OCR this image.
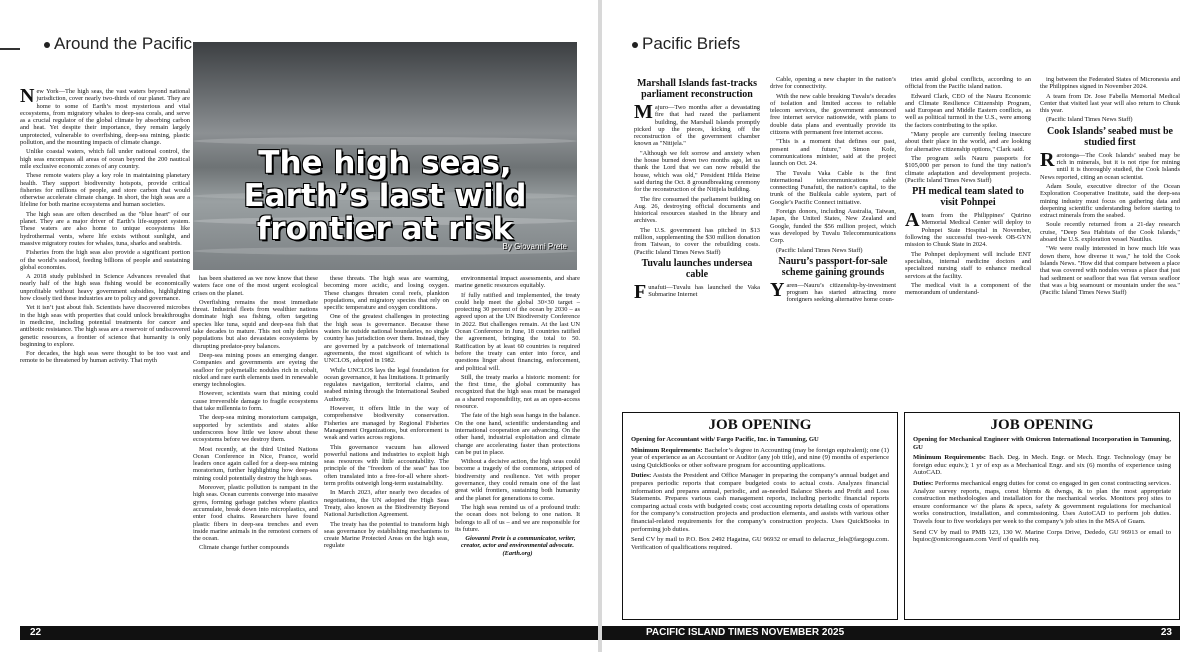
Around the Pacific

New York—The high seas, the vast waters beyond national jurisdiction, cover nearly two-thirds of our planet. They are home to some of Earth’s most mysterious and vital ecosystems, from migratory whales to deep-sea corals, and serve as a crucial regulator of the global climate by absorbing carbon and heat. Yet despite their importance, they remain largely unprotected, vulnerable to overfishing, deep-sea mining, plastic pollution, and the mounting impacts of climate change.

Unlike coastal waters, which fall under national control, the high seas encompass all areas of ocean beyond the 200 nautical mile exclusive economic zones of any country.

These remote waters play a key role in maintaining planetary health. They support biodiversity hotspots, provide critical fisheries for millions of people, and store carbon that would otherwise accelerate climate change. In short, the high seas are a lifeline for both marine ecosystems and human societies.

The high seas are often described as the "blue heart" of our planet. They are a major driver of Earth’s life-support system. These waters are also home to unique ecosystems like hydrothermal vents, where life exists without sunlight, and massive migratory routes for whales, tuna, sharks and seabirds.

Fisheries from the high seas also provide a significant portion of the world’s seafood, feeding billions of people and sustaining global economies.

A 2018 study published in Science Advances revealed that nearly half of the high seas fishing would be economically unprofitable without heavy government subsidies, highlighting how closely tied these industries are to policy and governance.

Yet it isn’t just about fish. Scientists have discovered microbes in the high seas with properties that could unlock breakthroughs in medicine, including potential treatments for cancer and antibiotic resistance. The high seas are a reservoir of undiscovered genetic resources, a frontier of science that humanity is only beginning to explore.

For decades, the high seas were thought to be too vast and remote to be threatened by human activity. That myth

The high seas, Earth’s last wild frontier at risk
By Giovanni Prete

has been shattered as we now know that these waters face one of the most urgent ecological crises on the planet.

Overfishing remains the most immediate threat. Industrial fleets from wealthier nations dominate high sea fishing, often targeting species like tuna, squid and deep-sea fish that take decades to mature. This not only depletes populations but also devastates ecosystems by disrupting predator-prey balances.

Deep-sea mining poses an emerging danger. Companies and governments are eyeing the seafloor for polymetallic nodules rich in cobalt, nickel and rare earth elements used in renewable energy technologies.

However, scientists warn that mining could cause irreversible damage to fragile ecosystems that take millennia to form.

The deep-sea mining moratorium campaign, supported by scientists and states alike underscores how little we know about these ecosystems before we destroy them.

Most recently, at the third United Nations Ocean Conference in Nice, France, world leaders once again called for a deep-sea mining moratorium, further highlighting how deep-sea mining could potentially destroy the high seas.

Moreover, plastic pollution is rampant in the high seas. Ocean currents converge into massive gyres, forming garbage patches where plastics accumulate, break down into microplastics, and enter food chains. Researchers have found plastic fibers in deep-sea trenches and even inside marine animals in the remotest corners of the ocean.

Climate change further compounds

these threats. The high seas are warming, becoming more acidic, and losing oxygen. These changes threaten coral reefs, plankton populations, and migratory species that rely on specific temperature and oxygen conditions.

One of the greatest challenges in protecting the high seas is governance. Because these waters lie outside national boundaries, no single country has jurisdiction over them. Instead, they are governed by a patchwork of international agreements, the most significant of which is UNCLOS, adopted in 1982.

While UNCLOS lays the legal foundation for ocean governance, it has limitations. It primarily regulates navigation, territorial claims, and seabed mining through the International Seabed Authority.

However, it offers little in the way of comprehensive biodiversity conservation. Fisheries are managed by Regional Fisheries Management Organizations, but enforcement is weak and varies across regions.

This governance vacuum has allowed powerful nations and industries to exploit high seas resources with little accountability. The principle of the "freedom of the seas" has too often translated into a free-for-all where short-term profits outweigh long-term sustainability.

In March 2023, after nearly two decades of negotiations, the UN adopted the High Seas Treaty, also known as the Biodiversity Beyond National Jurisdiction Agreement.

The treaty has the potential to transform high seas governance by establishing mechanisms to create Marine Protected Areas on the high seas, regulate

environmental impact assessments, and share marine genetic resources equitably.

If fully ratified and implemented, the treaty could help meet the global 30×30 target – protecting 30 percent of the ocean by 2030 – as agreed upon at the UN Biodiversity Conference in 2022. But challenges remain. At the last UN Ocean Conference in June, 18 countries ratified the agreement, bringing the total to 50. Ratification by at least 60 countries is required before the treaty can enter into force, and questions linger about financing, enforcement, and political will.

Still, the treaty marks a historic moment: for the first time, the global community has recognized that the high seas must be managed as a shared responsibility, not as an open-access resource.

The fate of the high seas hangs in the balance. On the one hand, scientific understanding and international cooperation are advancing. On the other hand, industrial exploitation and climate change are accelerating faster than protections can be put in place.

Without a decisive action, the high seas could become a tragedy of the commons, stripped of biodiversity and resilience. Yet with proper governance, they could remain one of the last great wild frontiers, sustaining both humanity and the planet for generations to come.

The high seas remind us of a profound truth: the ocean does not belong to one nation. It belongs to all of us – and we are responsible for its future.

Giovanni Prete is a communicator, writer, creator, actor and environmental advocate. (Earth.org)

22
Pacific Briefs
Marshall Islands fast-tracks parliament reconstruction

Majuro—Two months after a devastating fire that had razed the parliament building, the Marshall Islands promptly picked up the pieces, kicking off the reconstruction of the government chamber known as "Nitijela."

"Although we felt sorrow and anxiety when the house burned down two months ago, let us thank the Lord that we can now rebuild the house, which was old," President Hilda Heine said during the Oct. 8 groundbreaking ceremony for the reconstruction of the Nitijela building.

The fire consumed the parliament building on Aug. 26, destroying official documents and historical resources stashed in the library and archives.

The U.S. government has pitched in $13 million, supplementing the $30 million donation from Taiwan, to cover the rebuilding costs. (Pacific Island Times News Staff)

Tuvalu launches undersea cable

Funafuti—Tuvalu has launched the Vaka Submarine Internet

Cable, opening a new chapter in the nation’s drive for connectivity.

With the new cable breaking Tuvalu’s decades of isolation and limited access to reliable telecom services, the government announced free internet service nationwide, with plans to double data plans and eventually provide its citizens with permanent free internet access.

"This is a moment that defines our past, present and future," Simon Kofe, communications minister, said at the project launch on Oct. 24.

The Tuvalu Vaka Cable is the first international telecommunications cable connecting Funafuti, the nation’s capital, to the trunk of the Bulikula cable system, part of Google’s Pacific Connect initiative.

Foreign donors, including Australia, Taiwan, Japan, the United States, New Zealand and Google, funded the $56 million project, which was developed by Tuvalu Telecommunications Corp.

(Pacific Island Times News Staff)

Nauru’s passport-for-sale scheme gaining grounds

Yaren—Nauru’s citizenship-by-investment program has started attracting more foreigners seeking alternative home coun-

tries amid global conflicts, according to an official from the Pacific island nation.

Edward Clark, CEO of the Nauru Economic and Climate Resilience Citizenship Program, said European and Middle Eastern conflicts, as well as political turmoil in the U.S., were among the factors contributing to the spike.

"Many people are currently feeling insecure about their place in the world, and are looking for alternative citizenship options," Clark said.

The program sells Nauru passports for $105,000 per person to fund the tiny nation’s climate adaptation and development projects. (Pacific Island Times News Staff)

PH medical team slated to visit Pohnpei

A team from the Philippines’ Quirino Memorial Medical Center will deploy to Pohnpei State Hospital in November, following the successful two-week OB-GYN mission to Chuuk State in 2024.

The Pohnpei deployment will include ENT specialists, internal medicine doctors and specialized nursing staff to enhance medical services at the facility.

The medical visit is a component of the memorandum of understand-

ing between the Federated States of Micronesia and the Philippines signed in November 2024.

A team from Dr. Jose Fabella Memorial Medical Center that visited last year will also return to Chuuk this year.

(Pacific Island Times News Staff)

Cook Islands’ seabed must be studied first

Rarotonga—The Cook Islands’ seabed may be rich in minerals, but it is not ripe for mining until it is thoroughly studied, the Cook Islands News reported, citing an ocean scientist.

Adam Soule, executive director of the Ocean Exploration Cooperative Institute, said the deep-sea mining industry must focus on gathering data and deepening scientific understanding before starting to extract minerals from the seabed.

Soule recently returned from a 21-day research cruise, "Deep Sea Habitats of the Cook Islands," aboard the U.S. exploration vessel Nautilus.

"We were really interested in how much life was down there, how diverse it was," he told the Cook Islands News. "How did that compare between a place that was covered with nodules versus a place that just had sediment or seafloor that was flat versus seafloor that was a big seamount or mountain under the sea." (Pacific Island Times News Staff)

JOB OPENING

Opening for Accountant with/ Fargo Pacific, Inc. in Tamuning, GU

Minimum Requirements: Bachelor’s degree in Accounting (may be foreign equivalent); one (1) year of experience as an Accountant or Auditor (any job title), and nine (9) months of experience using QuickBooks or other software program for accounting applications.

Duties: Assists the President and Office Manager in preparing the company’s annual budget and prepares periodic reports that compare budgeted costs to actual costs. Analyzes financial information and prepares annual, periodic, and as-needed Balance Sheets and Profit and Loss Statements. Prepares various cash management reports, including periodic financial reports comparing actual costs with budgeted costs; cost accounting reports detailing costs of operations for the company’s construction projects and production elements, and assists with various other financial-related requirements for the company’s construction projects. Uses QuickBooks in performing job duties.

Send CV by mail to P.O. Box 2492 Hagatna, GU 96932 or email to delacruz_fels@fargogu.com. Verification of qualifications required.

JOB OPENING

Opening for Mechanical Engineer with Omicron International Incorporation in Tamuning, GU

Minimum Requirements: Bach. Deg. in Mech. Engr. or Mech. Engr. Technology (may be foreign educ equiv.); 1 yr of exp as a Mechanical Engr. and six (6) months of experience using AutoCAD.

Duties: Performs mechanical engrg duties for const co engaged in gen const contracting services. Analyze survey reports, maps, const blprnts & dwngs, & to plan the most appropriate construction methodologies and installation for the mechanical works. Monitors proj sites to ensure conformance w/ the plans & specs, safety & government regulations for mechanical works construction, installation, and commissioning. Uses AutoCAD to perform job duties. Travels four to five workdays per week to the company’s job sites in the MSA of Guam.

Send CV by mail to PMB 123, 130 W. Marine Corps Drive, Dededo, GU 96913 or email to hquioc@omicronguam.com Verif of qualifs req.

PACIFIC ISLAND TIMES NOVEMBER 2025	23
